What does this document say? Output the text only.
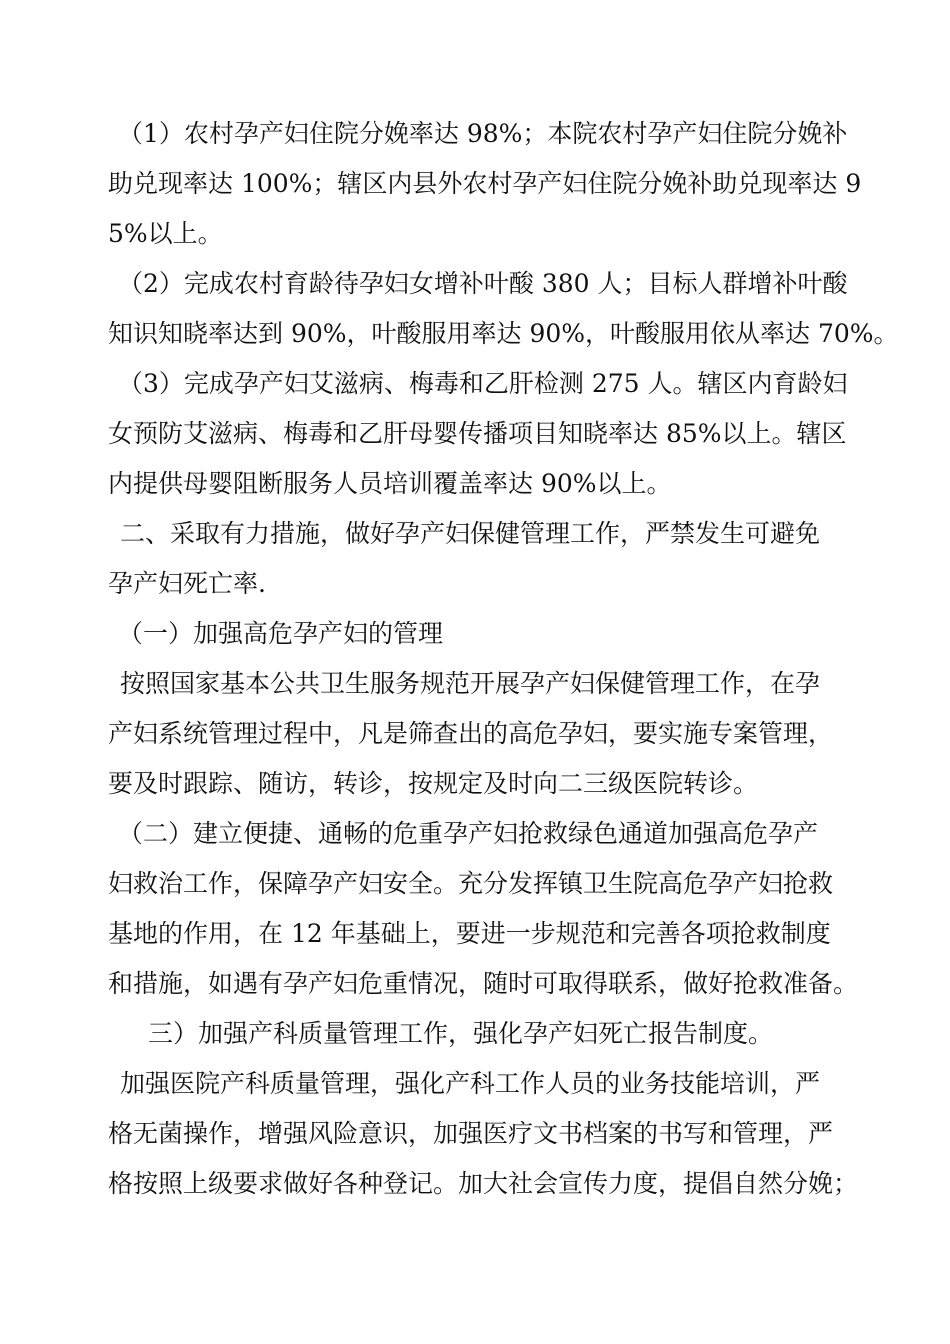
（1）农村孕产妇住院分娩率达 98%；本院农村孕产妇住院分娩补
助兑现率达 100%；辖区内县外农村孕产妇住院分娩补助兑现率达 9
5%以上。
（2）完成农村育龄待孕妇女增补叶酸 380 人；目标人群增补叶酸
知识知晓率达到 90%，叶酸服用率达 90%，叶酸服用依从率达 70%。
（3）完成孕产妇艾滋病、梅毒和乙肝检测 275 人。辖区内育龄妇
女预防艾滋病、梅毒和乙肝母婴传播项目知晓率达 85%以上。辖区
内提供母婴阻断服务人员培训覆盖率达 90%以上。
二、采取有力措施，做好孕产妇保健管理工作，严禁发生可避免
孕产妇死亡率.
（一）加强高危孕产妇的管理
按照国家基本公共卫生服务规范开展孕产妇保健管理工作，在孕
产妇系统管理过程中，凡是筛查出的高危孕妇，要实施专案管理，
要及时跟踪、随访，转诊，按规定及时向二三级医院转诊。
（二）建立便捷、通畅的危重孕产妇抢救绿色通道加强高危孕产
妇救治工作，保障孕产妇安全。充分发挥镇卫生院高危孕产妇抢救
基地的作用，在 12 年基础上，要进一步规范和完善各项抢救制度
和措施，如遇有孕产妇危重情况，随时可取得联系，做好抢救准备。
三）加强产科质量管理工作，强化孕产妇死亡报告制度。
加强医院产科质量管理，强化产科工作人员的业务技能培训，严
格无菌操作，增强风险意识，加强医疗文书档案的书写和管理，严
格按照上级要求做好各种登记。加大社会宣传力度，提倡自然分娩；
